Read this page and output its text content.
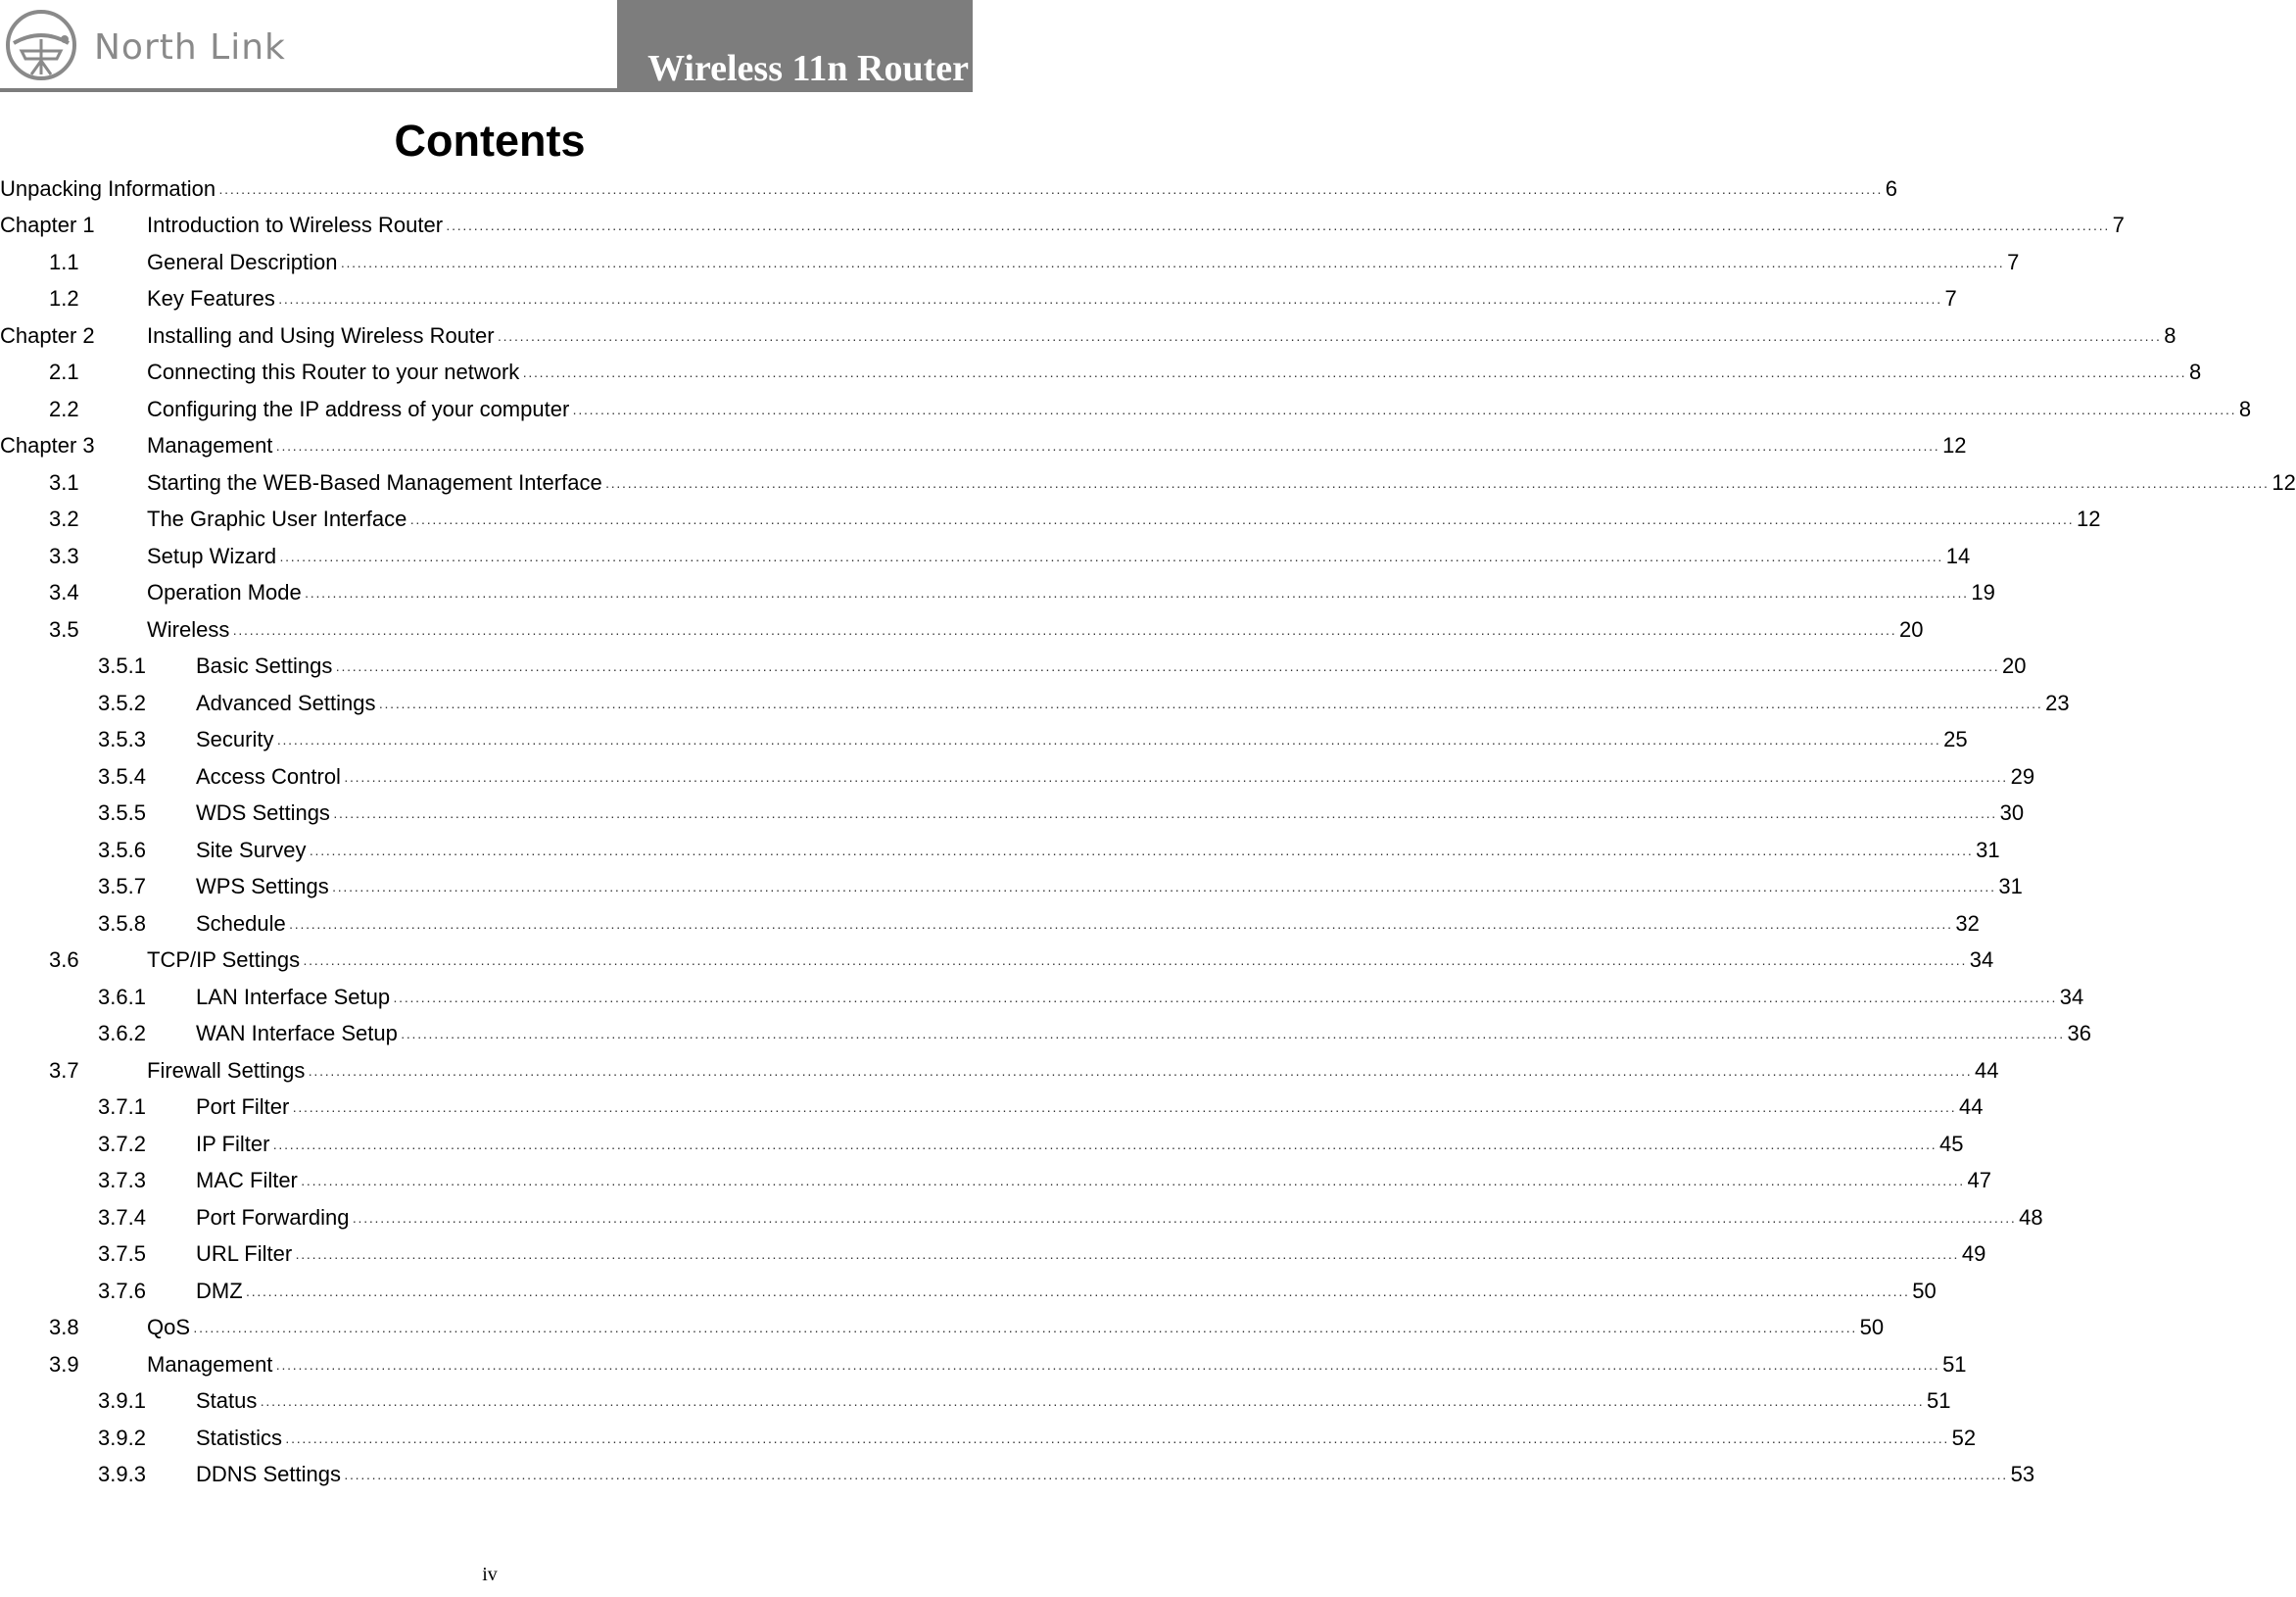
North Link
Wireless 11n Router
Contents
Unpacking Information ············································································································································································································································································································ 6
Chapter 1	Introduction to Wireless Router ············································································································································································································································································································ 7
1.1	General Description ············································································································································································································································································································ 7
1.2	Key Features ············································································································································································································································································································ 7
Chapter 2	Installing and Using Wireless Router ············································································································································································································································································································ 8
2.1	Connecting this Router to your network ············································································································································································································································································································ 8
2.2	Configuring the IP address of your computer ············································································································································································································································································································ 8
Chapter 3	Management ············································································································································································································································································································ 12
3.1	Starting the WEB-Based Management Interface ············································································································································································································································································································ 12
3.2	The Graphic User Interface ············································································································································································································································································································ 12
3.3	Setup Wizard ············································································································································································································································································································ 14
3.4	Operation Mode ············································································································································································································································································································ 19
3.5	Wireless ············································································································································································································································································································ 20
3.5.1	Basic Settings ············································································································································································································································································································ 20
3.5.2	Advanced Settings ············································································································································································································································································································ 23
3.5.3	Security ············································································································································································································································································································ 25
3.5.4	Access Control ············································································································································································································································································································ 29
3.5.5	WDS Settings ············································································································································································································································································································ 30
3.5.6	Site Survey ············································································································································································································································································································ 31
3.5.7	WPS Settings ············································································································································································································································································································ 31
3.5.8	Schedule ············································································································································································································································································································ 32
3.6	TCP/IP Settings ············································································································································································································································································································ 34
3.6.1	LAN Interface Setup ············································································································································································································································································································ 34
3.6.2	WAN Interface Setup ············································································································································································································································································································ 36
3.7	Firewall Settings ············································································································································································································································································································ 44
3.7.1	Port Filter ············································································································································································································································································································ 44
3.7.2	IP Filter ············································································································································································································································································································ 45
3.7.3	MAC Filter ············································································································································································································································································································ 47
3.7.4	Port Forwarding ············································································································································································································································································································ 48
3.7.5	URL Filter ············································································································································································································································································································ 49
3.7.6	DMZ ············································································································································································································································································································ 50
3.8	QoS ············································································································································································································································································································ 50
3.9	Management ············································································································································································································································································································ 51
3.9.1	Status ············································································································································································································································································································ 51
3.9.2	Statistics ············································································································································································································································································································ 52
3.9.3	DDNS Settings ············································································································································································································································································································ 53
iv
